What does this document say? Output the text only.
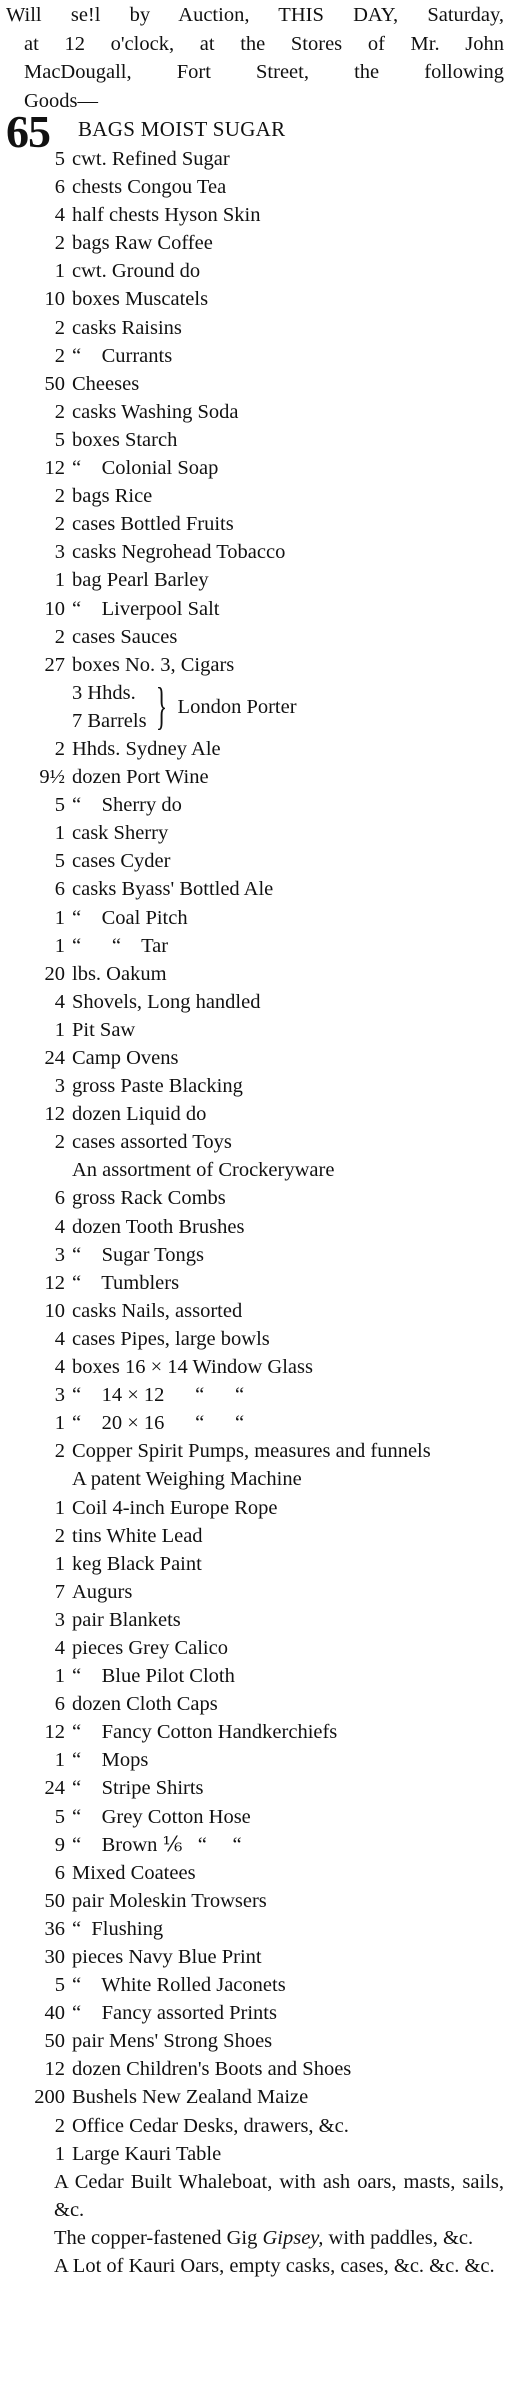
Will se!l by Auction, THIS DAY, Saturday,
at 12 o'clock, at the Stores of Mr. John
MacDougall, Fort Street, the following
Goods—
65 BAGS MOIST SUGAR
5 cwt. Refined Sugar
6 chests Congou Tea
4 half chests Hyson Skin
2 bags Raw Coffee
1 cwt. Ground do
10 boxes Muscatels
2 casks Raisins
2 “    Currants
50 Cheeses
2 casks Washing Soda
5 boxes Starch
12 “    Colonial Soap
2 bags Rice
2 cases Bottled Fruits
3 casks Negrohead Tobacco
1 bag Pearl Barley
10 “    Liverpool Salt
2 cases Sauces
27 boxes No. 3, Cigars
3 Hhds.
7 Barrels } London Porter
2 Hhds. Sydney Ale
9½ dozen Port Wine
5 “    Sherry do
1 cask Sherry
5 cases Cyder
6 casks Byass' Bottled Ale
1 “    Coal Pitch
1 “      “    Tar
20 lbs. Oakum
4 Shovels, Long handled
1 Pit Saw
24 Camp Ovens
3 gross Paste Blacking
12 dozen Liquid do
2 cases assorted Toys
An assortment of Crockeryware
6 gross Rack Combs
4 dozen Tooth Brushes
3 “    Sugar Tongs
12 “    Tumblers
10 casks Nails, assorted
4 cases Pipes, large bowls
4 boxes 16 × 14 Window Glass
3 “    14 × 12      “      “
1 “    20 × 16      “      “
2 Copper Spirit Pumps, measures and funnels
A patent Weighing Machine
1 Coil 4-inch Europe Rope
2 tins White Lead
1 keg Black Paint
7 Augurs
3 pair Blankets
4 pieces Grey Calico
1 “    Blue Pilot Cloth
6 dozen Cloth Caps
12 “    Fancy Cotton Handkerchiefs
1 “    Mops
24 “    Stripe Shirts
5 “    Grey Cotton Hose
9 “    Brown ⅙   “     “
6 Mixed Coatees
50 pair Moleskin Trowsers
36 “  Flushing
30 pieces Navy Blue Print
5 “    White Rolled Jaconets
40 “    Fancy assorted Prints
50 pair Mens' Strong Shoes
12 dozen Children's Boots and Shoes
200 Bushels New Zealand Maize
2 Office Cedar Desks, drawers, &c.
1 Large Kauri Table
A Cedar Built Whaleboat, with ash oars, masts, sails, &c.
The copper-fastened Gig Gipsey, with paddles, &c.
A Lot of Kauri Oars, empty casks, cases, &c. &c. &c.
